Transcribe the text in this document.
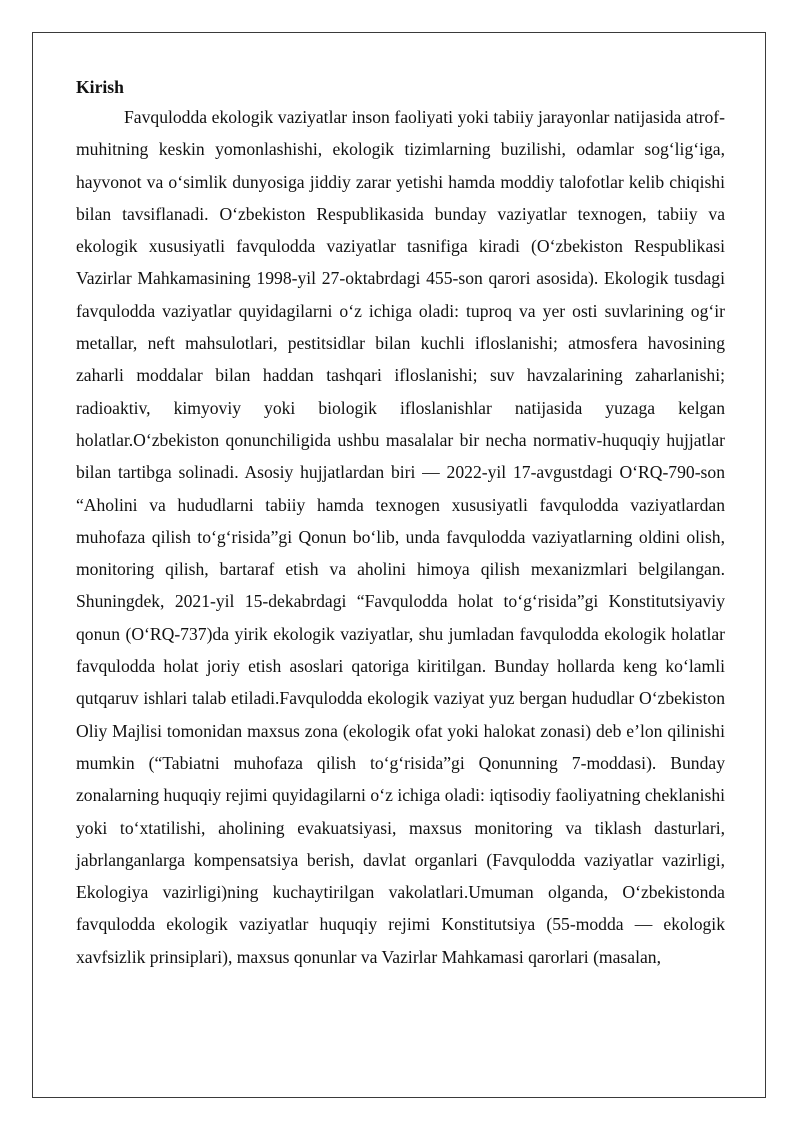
Kirish

Favqulodda ekologik vaziyatlar inson faoliyati yoki tabiiy jarayonlar natijasida atrof-muhitning keskin yomonlashishi, ekologik tizimlarning buzilishi, odamlar sog‘lig‘iga, hayvonot va o‘simlik dunyosiga jiddiy zarar yetishi hamda moddiy talofotlar kelib chiqishi bilan tavsiflanadi. O‘zbekiston Respublikasida bunday vaziyatlar texnogen, tabiiy va ekologik xususiyatli favqulodda vaziyatlar tasnifiga kiradi (O‘zbekiston Respublikasi Vazirlar Mahkamasining 1998-yil 27-oktabrdagi 455-son qarori asosida). Ekologik tusdagi favqulodda vaziyatlar quyidagilarni o‘z ichiga oladi: tuproq va yer osti suvlarining og‘ir metallar, neft mahsulotlari, pestitsidlar bilan kuchli ifloslanishi; atmosfera havosining zaharli moddalar bilan haddan tashqari ifloslanishi; suv havzalarining zaharlanishi; radioaktiv, kimyoviy yoki biologik ifloslanishlar natijasida yuzaga kelgan holatlar.O‘zbekiston qonunchiligida ushbu masalalar bir necha normativ-huquqiy hujjatlar bilan tartibga solinadi. Asosiy hujjatlardan biri — 2022-yil 17-avgustdagi O‘RQ-790-son “Aholini va hududlarni tabiiy hamda texnogen xususiyatli favqulodda vaziyatlardan muhofaza qilish to‘g‘risida”gi Qonun bo‘lib, unda favqulodda vaziyatlarning oldini olish, monitoring qilish, bartaraf etish va aholini himoya qilish mexanizmlari belgilangan. Shuningdek, 2021-yil 15-dekabrdagi “Favqulodda holat to‘g‘risida”gi Konstitutsiyaviy qonun (O‘RQ-737)da yirik ekologik vaziyatlar, shu jumladan favqulodda ekologik holatlar favqulodda holat joriy etish asoslari qatoriga kiritilgan. Bunday hollarda keng ko‘lamli qutqaruv ishlari talab etiladi.Favqulodda ekologik vaziyat yuz bergan hududlar O‘zbekiston Oliy Majlisi tomonidan maxsus zona (ekologik ofat yoki halokat zonasi) deb e’lon qilinishi mumkin (“Tabiatni muhofaza qilish to‘g‘risida”gi Qonunning 7-moddasi). Bunday zonalarning huquqiy rejimi quyidagilarni o‘z ichiga oladi: iqtisodiy faoliyatning cheklanishi yoki to‘xtatilishi, aholining evakuatsiyasi, maxsus monitoring va tiklash dasturlari, jabrlanganlarga kompensatsiya berish, davlat organlari (Favqulodda vaziyatlar vazirligi, Ekologiya vazirligi)ning kuchaytirilgan vakolatlari.Umuman olganda, O‘zbekistonda favqulodda ekologik vaziyatlar huquqiy rejimi Konstitutsiya (55-modda — ekologik xavfsizlik prinsiplari), maxsus qonunlar va Vazirlar Mahkamasi qarorlari (masalan,
